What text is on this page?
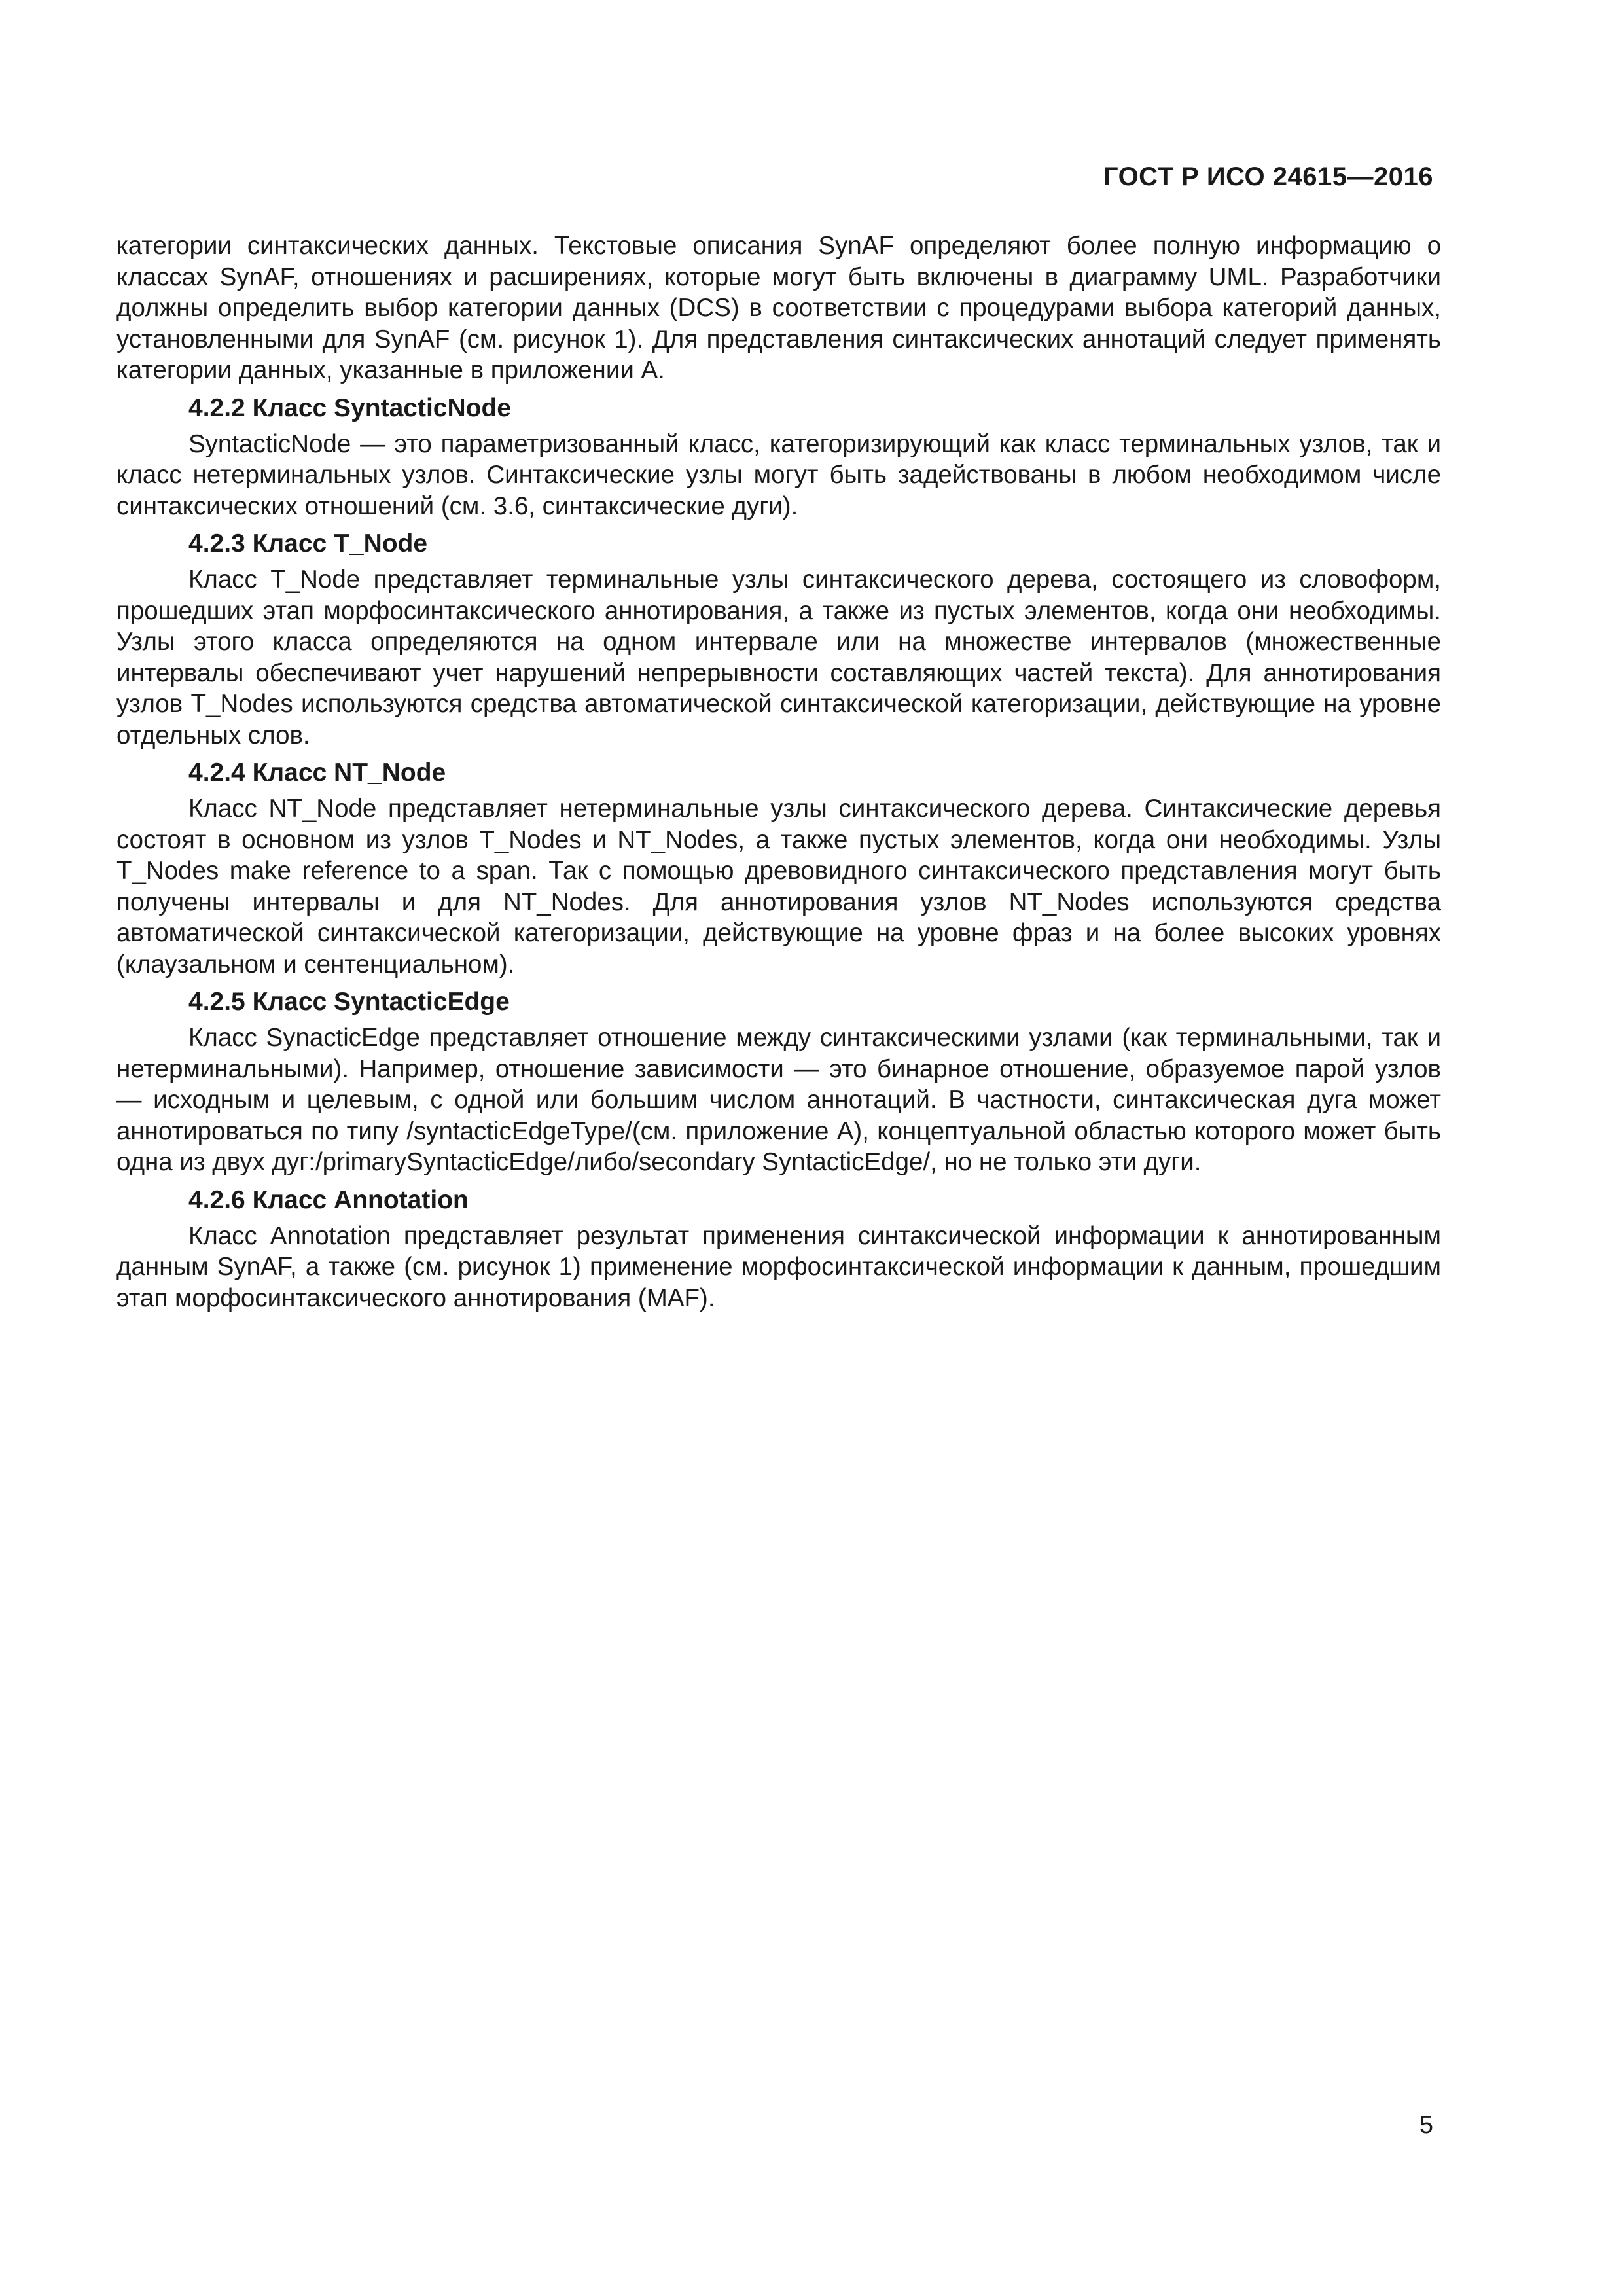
ГОСТ Р ИСО 24615—2016

категории синтаксических данных. Текстовые описания SynAF определяют более полную информацию о классах SynAF, отношениях и расширениях, которые могут быть включены в диаграмму UML. Разработчики должны определить выбор категории данных (DCS) в соответствии с процедурами выбора категорий данных, установленными для SynAF (см. рисунок 1). Для представления синтаксических аннотаций следует применять категории данных, указанные в приложении А.

4.2.2 Класс SyntacticNode

SyntacticNode — это параметризованный класс, категоризирующий как класс терминальных узлов, так и класс нетерминальных узлов. Синтаксические узлы могут быть задействованы в любом необходимом числе синтаксических отношений (см. 3.6, синтаксические дуги).

4.2.3 Класс T_Node

Класс T_Node представляет терминальные узлы синтаксического дерева, состоящего из словоформ, прошедших этап морфосинтаксического аннотирования, а также из пустых элементов, когда они необходимы. Узлы этого класса определяются на одном интервале или на множестве интервалов (множественные интервалы обеспечивают учет нарушений непрерывности составляющих частей текста). Для аннотирования узлов T_Nodes используются средства автоматической синтаксической категоризации, действующие на уровне отдельных слов.

4.2.4 Класс NT_Node

Класс NT_Node представляет нетерминальные узлы синтаксического дерева. Синтаксические деревья состоят в основном из узлов T_Nodes и NT_Nodes, а также пустых элементов, когда они необходимы. Узлы T_Nodes make reference to a span. Так с помощью древовидного синтаксического представления могут быть получены интервалы и для NT_Nodes. Для аннотирования узлов NT_Nodes используются средства автоматической синтаксической категоризации, действующие на уровне фраз и на более высоких уровнях (клаузальном и сентенциальном).

4.2.5 Класс SyntacticEdge

Класс SynacticEdge представляет отношение между синтаксическими узлами (как терминальными, так и нетерминальными). Например, отношение зависимости — это бинарное отношение, образуемое парой узлов — исходным и целевым, с одной или большим числом аннотаций. В частности, синтаксическая дуга может аннотироваться по типу /syntacticEdgeType/(см. приложение А), концептуальной областью которого может быть одна из двух дуг:/primarySyntacticEdge/либо/secondary SyntacticEdge/, но не только эти дуги.

4.2.6 Класс Annotation

Класс Annotation представляет результат применения синтаксической информации к аннотированным данным SynAF, а также (см. рисунок 1) применение морфосинтаксической информации к данным, прошедшим этап морфосинтаксического аннотирования (MAF).

5
